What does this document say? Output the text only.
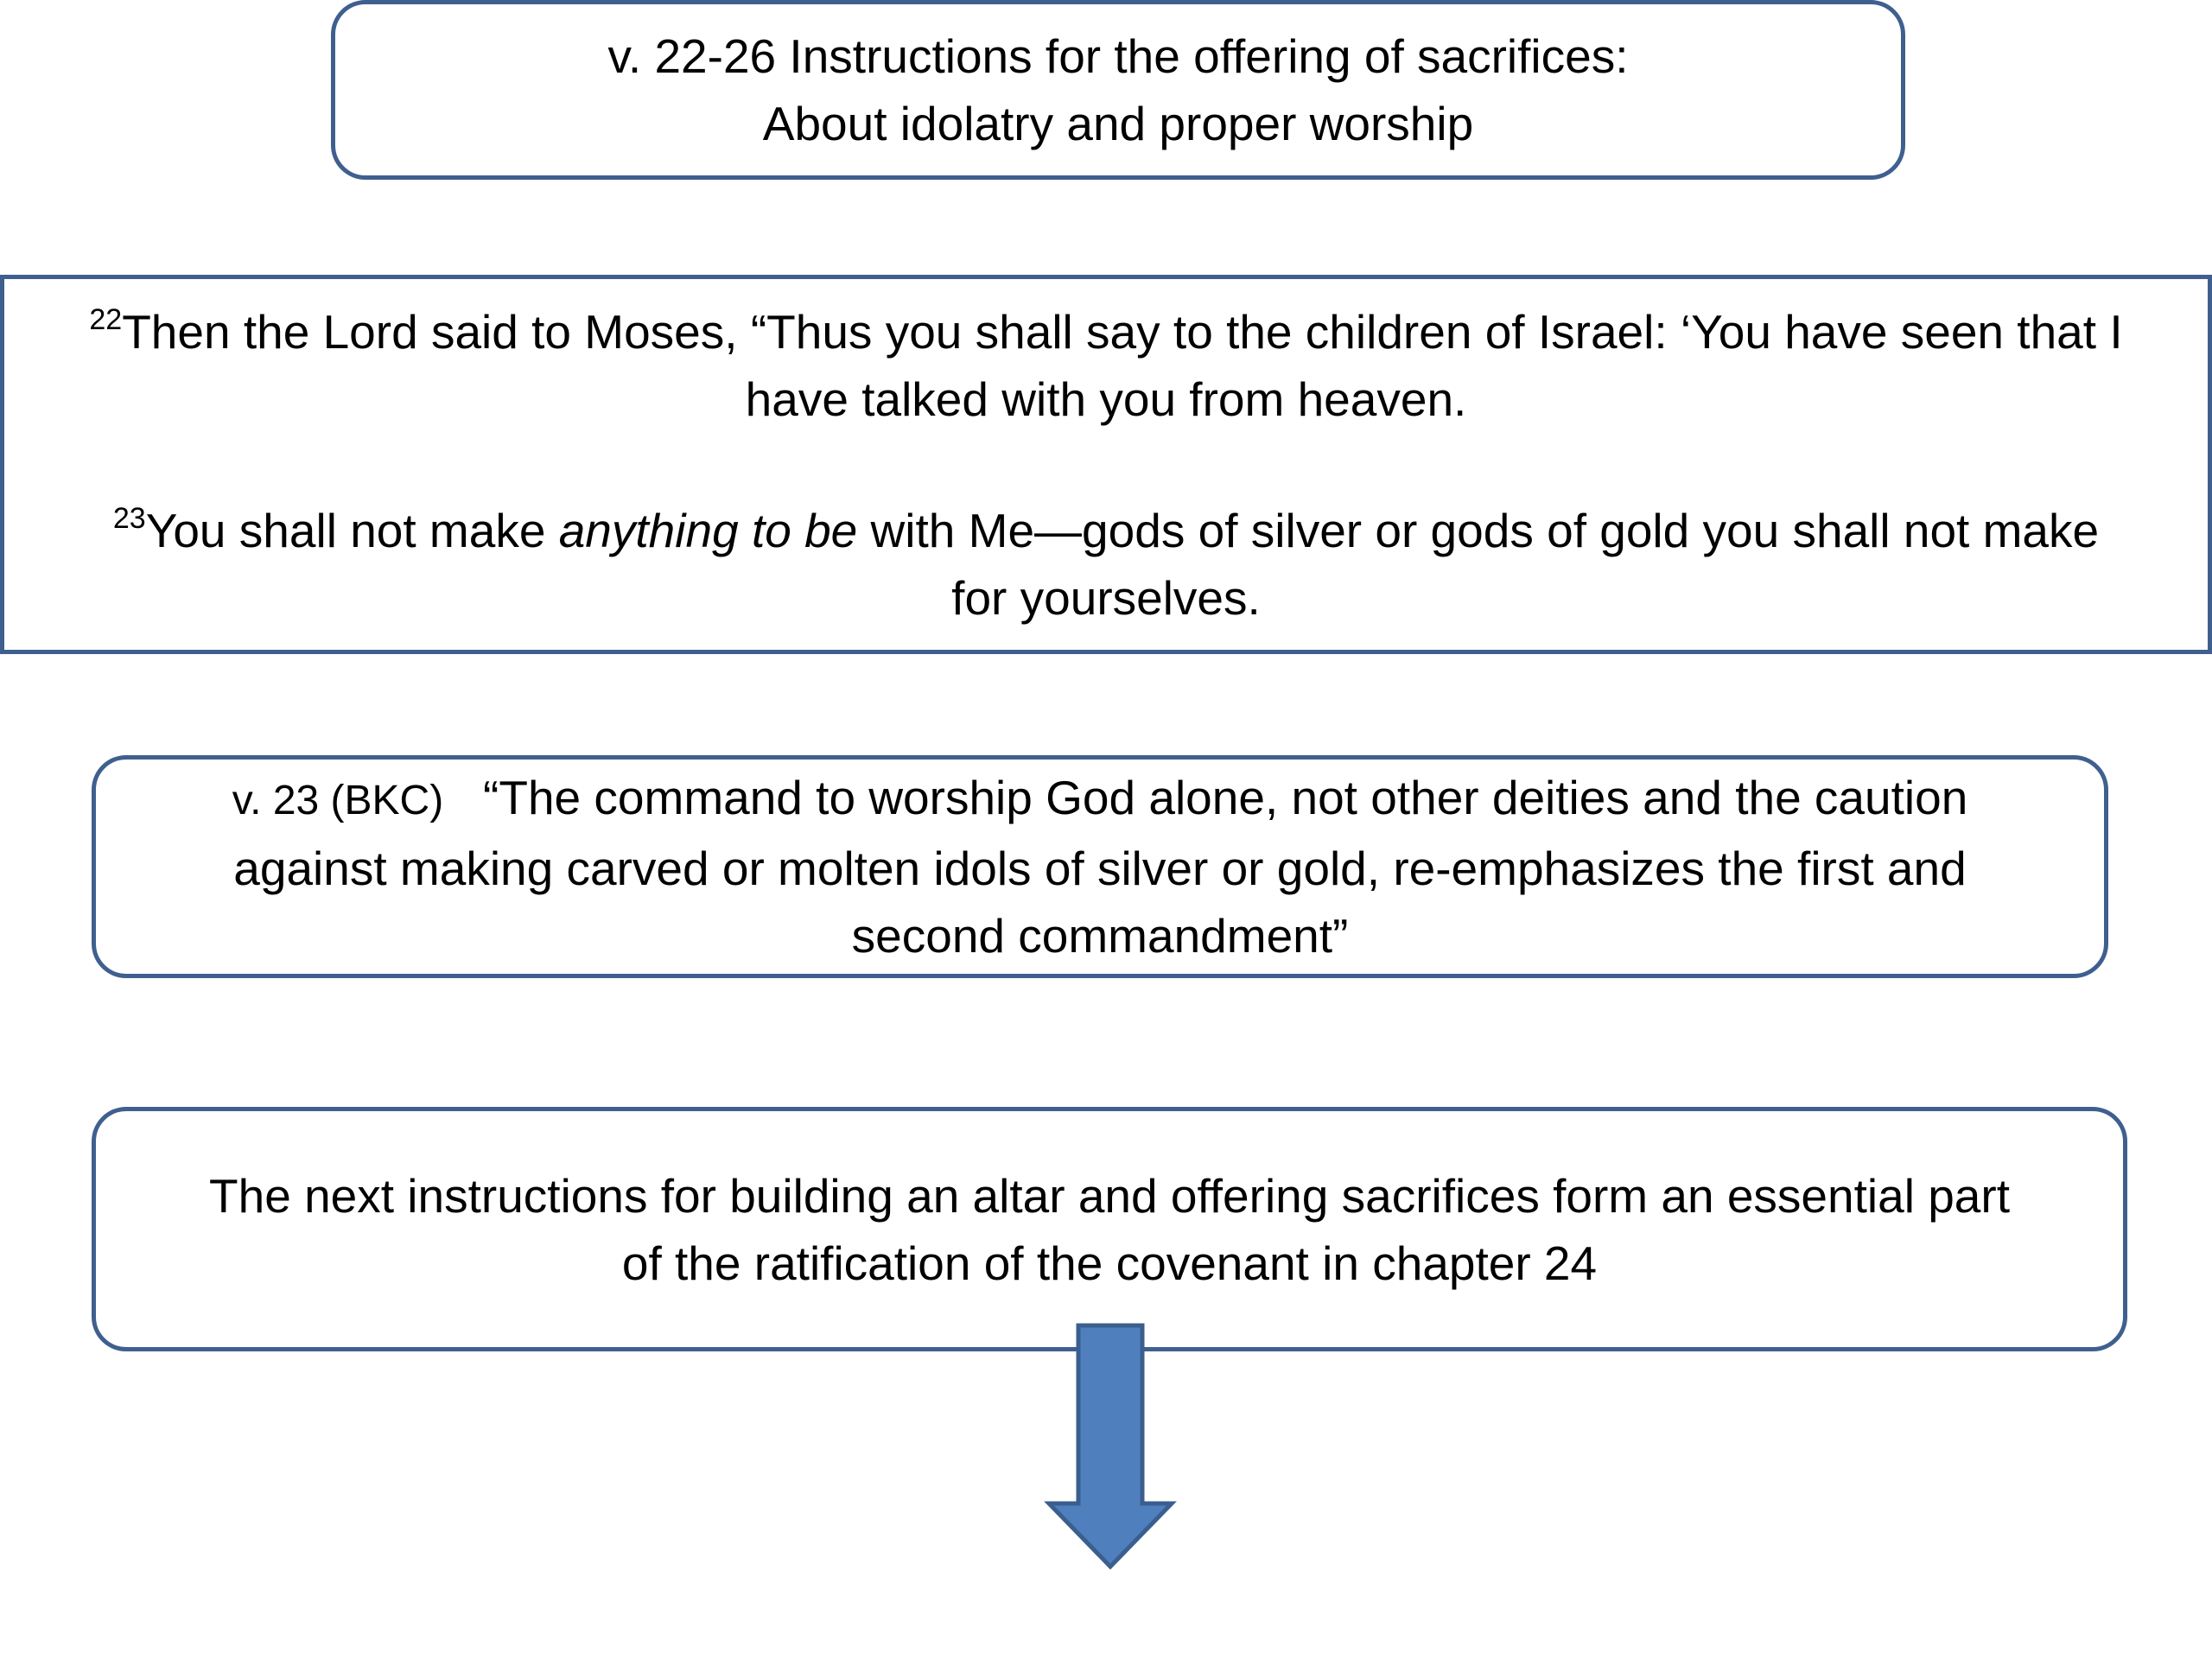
v. 22-26 Instructions for the offering of sacrifices:
About idolatry and proper worship
$^{22}$Then the Lord said to Moses, “Thus you shall say to the children of Israel: ‘You have seen that I
have talked with you from heaven.
$^{23}$You shall not make anything to be with Me—gods of silver or gods of gold you shall not make
for yourselves.
v. 23 (BKC) “The command to worship God alone, not other deities and the caution
against making carved or molten idols of silver or gold, re-emphasizes the first and
second commandment”
The next instructions for building an altar and offering sacrifices form an essential part
of the ratification of the covenant in chapter 24
